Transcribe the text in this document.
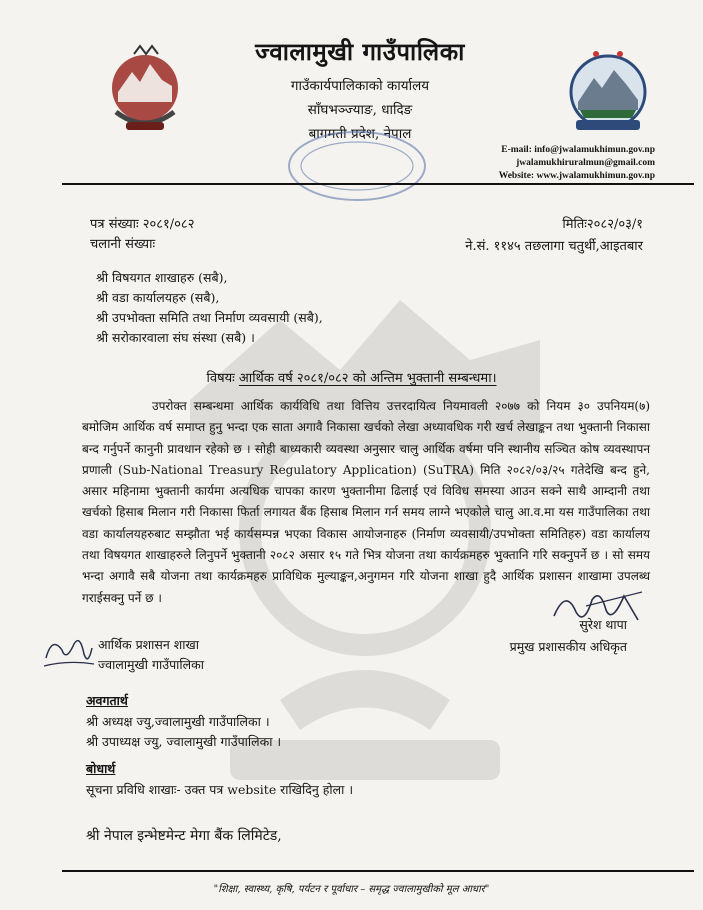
ज्वालामुखी गाउँपालिका
गाउँकार्यपालिकाको कार्यालय
साँघभञ्ज्याङ, धादिङ
बागमती प्रदेश, नेपाल
E-mail: info@jwalamukhimun.gov.np
jwalamukhiruralmun@gmail.com
Website: www.jwalamukhimun.gov.np
पत्र संख्याः २०८१/०८२
चलानी संख्याः
मितिः२०८२/०३/१
ने.सं. ११४५ तछलागा चतुर्थी,आइतबार
श्री विषयगत शाखाहरु (सबै),
श्री वडा कार्यालयहरु (सबै),
श्री उपभोक्ता समिति तथा निर्माण व्यवसायी (सबै),
श्री सरोकारवाला संघ संस्था (सबै) ।
विषयः आर्थिक वर्ष २०८१/०८२ को अन्तिम भुक्तानी सम्बन्धमा।
उपरोक्त सम्बन्धमा आर्थिक कार्यविधि तथा वित्तिय उत्तरदायित्व नियमावली २०७७ को नियम ३० उपनियम(७) बमोजिम आर्थिक वर्ष समाप्त हुनु भन्दा एक साता अगावै निकासा खर्चको लेखा अध्यावधिक गरी खर्च लेखाङ्कन तथा भुक्तानी निकासा बन्द गर्नुपर्ने कानुनी प्रावधान रहेको छ । सोही बाध्यकारी व्यवस्था अनुसार चालु आर्थिक वर्षमा पनि स्थानीय सञ्चित कोष व्यवस्थापन प्रणाली (Sub-National Treasury Regulatory Application) (SuTRA) मिति २०८२/०३/२५ गतेदेखि बन्द हुने, असार महिनामा भुक्तानी कार्यमा अत्यधिक चापका कारण भुक्तानीमा ढिलाई एवं विविध समस्या आउन सक्ने साथै आम्दानी तथा खर्चको हिसाब मिलान गरी निकासा फिर्ता लगायत बैंक हिसाब मिलान गर्न समय लाग्ने भएकोले चालु आ.व.मा यस गाउँपालिका तथा वडा कार्यालयहरुबाट सम्झौता भई कार्यसम्पन्न भएका विकास आयोजनाहरु (निर्माण व्यवसायी/उपभोक्ता समितिहरु) वडा कार्यालय तथा विषयगत शाखाहरुले लिनुपर्ने भुक्तानी २०८२ असार १५ गते भित्र योजना तथा कार्यक्रमहरु भुक्तानि गरि सक्नुपर्ने छ । सो समय भन्दा अगावै सबै योजना तथा कार्यक्रमहरु प्राविधिक मुल्याङ्कन,अनुगमन गरि योजना शाखा हुदै आर्थिक प्रशासन शाखामा उपलब्ध गराईसक्नु पर्ने छ ।
सुरेश थापा
प्रमुख प्रशासकीय अधिकृत
आर्थिक प्रशासन शाखा
ज्वालामुखी गाउँपालिका
अवगतार्थ
श्री अध्यक्ष ज्यु,ज्वालामुखी गाउँपालिका ।
श्री उपाध्यक्ष ज्यु, ज्वालामुखी गाउँपालिका ।
बोधार्थ
सूचना प्रविधि शाखाः- उक्त पत्र website राखिदिनु होला ।
श्री नेपाल इन्भेष्टमेन्ट मेगा बैंक लिमिटेड,
"शिक्षा, स्वास्थ्य, कृषि, पर्यटन र पूर्वाधार – समृद्ध ज्वालामुखीको मूल आधार"
